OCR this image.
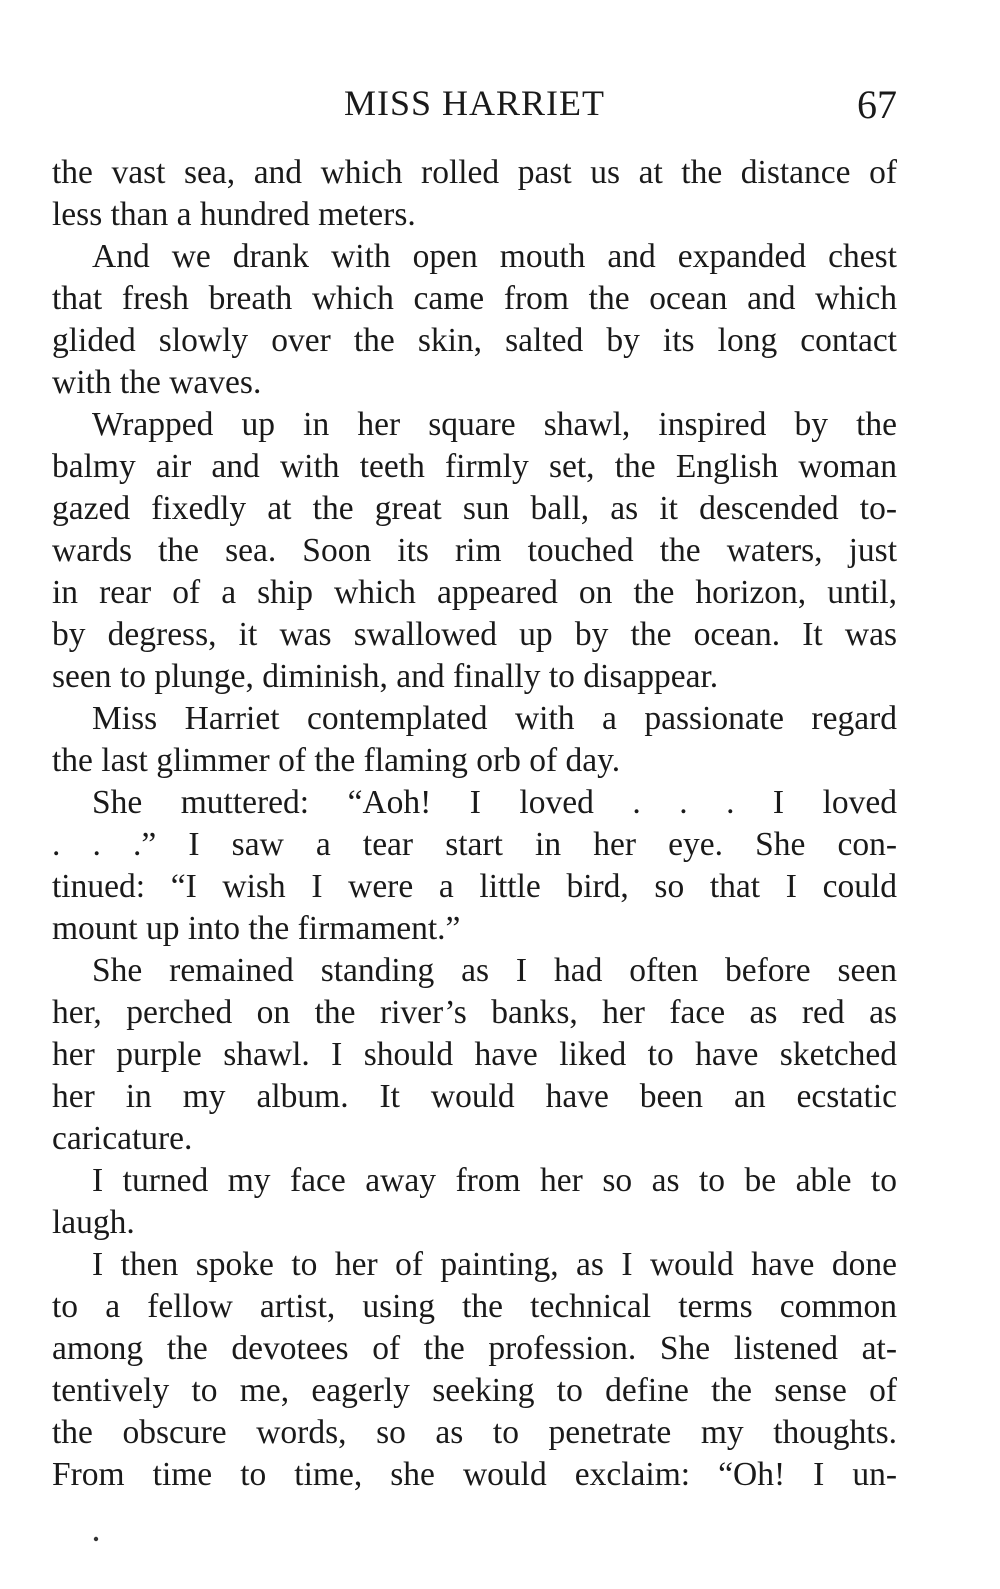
MISS HARRIET	67
the vast sea, and which rolled past us at the distance of
less than a hundred meters.
And we drank with open mouth and expanded chest
that fresh breath which came from the ocean and which
glided slowly over the skin, salted by its long contact
with the waves.
Wrapped up in her square shawl, inspired by the
balmy air and with teeth firmly set, the English woman
gazed fixedly at the great sun ball, as it descended to-
wards the sea. Soon its rim touched the waters, just
in rear of a ship which appeared on the horizon, until,
by degress, it was swallowed up by the ocean. It was
seen to plunge, diminish, and finally to disappear.
Miss Harriet contemplated with a passionate regard
the last glimmer of the flaming orb of day.
She muttered: “Aoh! I loved . . . I loved
. . .” I saw a tear start in her eye. She con-
tinued: “I wish I were a little bird, so that I could
mount up into the firmament.”
She remained standing as I had often before seen
her, perched on the river’s banks, her face as red as
her purple shawl. I should have liked to have sketched
her in my album. It would have been an ecstatic
caricature.
I turned my face away from her so as to be able to
laugh.
I then spoke to her of painting, as I would have done
to a fellow artist, using the technical terms common
among the devotees of the profession. She listened at-
tentively to me, eagerly seeking to define the sense of
the obscure words, so as to penetrate my thoughts.
From time to time, she would exclaim: “Oh! I un-
